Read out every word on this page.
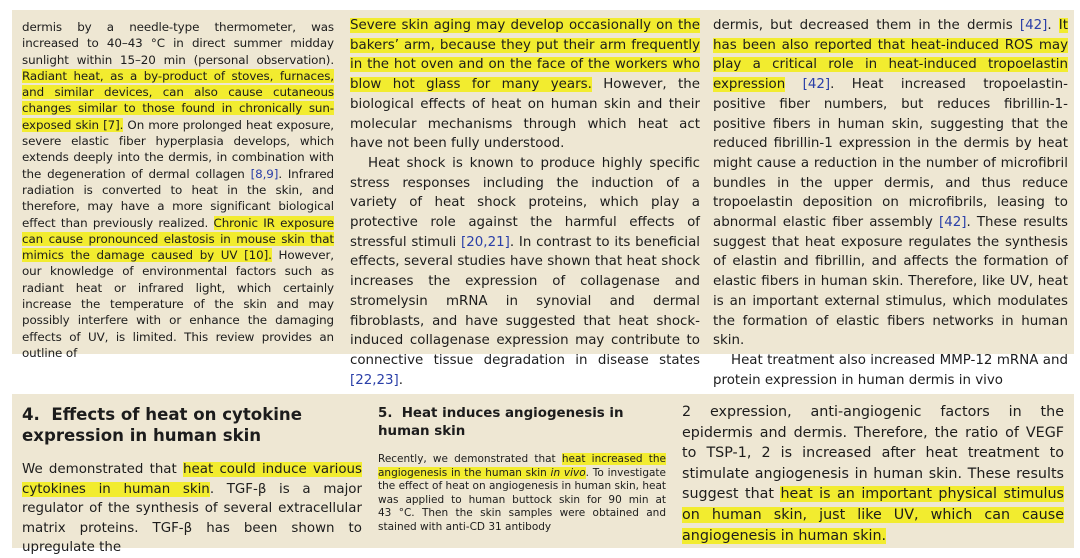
dermis by a needle-type thermometer, was increased to 40–43 °C in direct summer midday sunlight within 15–20 min (personal observation). Radiant heat, as a by-product of stoves, furnaces, and similar devices, can also cause cutaneous changes similar to those found in chronically sun-exposed skin [7]. On more prolonged heat exposure, severe elastic fiber hyperplasia develops, which extends deeply into the dermis, in combination with the degeneration of dermal collagen [8,9]. Infrared radiation is converted to heat in the skin, and therefore, may have a more significant biological effect than previously realized. Chronic IR exposure can cause pronounced elastosis in mouse skin that mimics the damage caused by UV [10]. However, our knowledge of environmental factors such as radiant heat or infrared light, which certainly increase the temperature of the skin and may possibly interfere with or enhance the damaging effects of UV, is limited. This review provides an outline of

Severe skin aging may develop occasionally on the bakers’ arm, because they put their arm frequently in the hot oven and on the face of the workers who blow hot glass for many years. However, the biological effects of heat on human skin and their molecular mechanisms through which heat act have not been fully understood.

Heat shock is known to produce highly specific stress responses including the induction of a variety of heat shock proteins, which play a protective role against the harmful effects of stressful stimuli [20,21]. In contrast to its beneficial effects, several studies have shown that heat shock increases the expression of collagenase and stromelysin mRNA in synovial and dermal fibroblasts, and have suggested that heat shock-induced collagenase expression may contribute to connective tissue degradation in disease states [22,23].

dermis, but decreased them in the dermis [42]. It has been also reported that heat-induced ROS may play a critical role in heat-induced tropoelastin expression [42]. Heat increased tropoelastin-positive fiber numbers, but reduces fibrillin-1-positive fibers in human skin, suggesting that the reduced fibrillin-1 expression in the dermis by heat might cause a reduction in the number of microfibril bundles in the upper dermis, and thus reduce tropoelastin deposition on microfibrils, leasing to abnormal elastic fiber assembly [42]. These results suggest that heat exposure regulates the synthesis of elastin and fibrillin, and affects the formation of elastic fibers in human skin. Therefore, like UV, heat is an important external stimulus, which modulates the formation of elastic fibers networks in human skin.

Heat treatment also increased MMP-12 mRNA and protein expression in human dermis in vivo

4.  Effects of heat on cytokine expression in human skin

We demonstrated that heat could induce various cytokines in human skin. TGF-β is a major regulator of the synthesis of several extracellular matrix proteins. TGF-β has been shown to upregulate the

5.  Heat induces angiogenesis in human skin

Recently, we demonstrated that heat increased the angiogenesis in the human skin in vivo. To investigate the effect of heat on angiogenesis in human skin, heat was applied to human buttock skin for 90 min at 43 °C. Then the skin samples were obtained and stained with anti-CD 31 antibody

2 expression, anti-angiogenic factors in the epidermis and dermis. Therefore, the ratio of VEGF to TSP-1, 2 is increased after heat treatment to stimulate angiogenesis in human skin. These results suggest that heat is an important physical stimulus on human skin, just like UV, which can cause angiogenesis in human skin.
